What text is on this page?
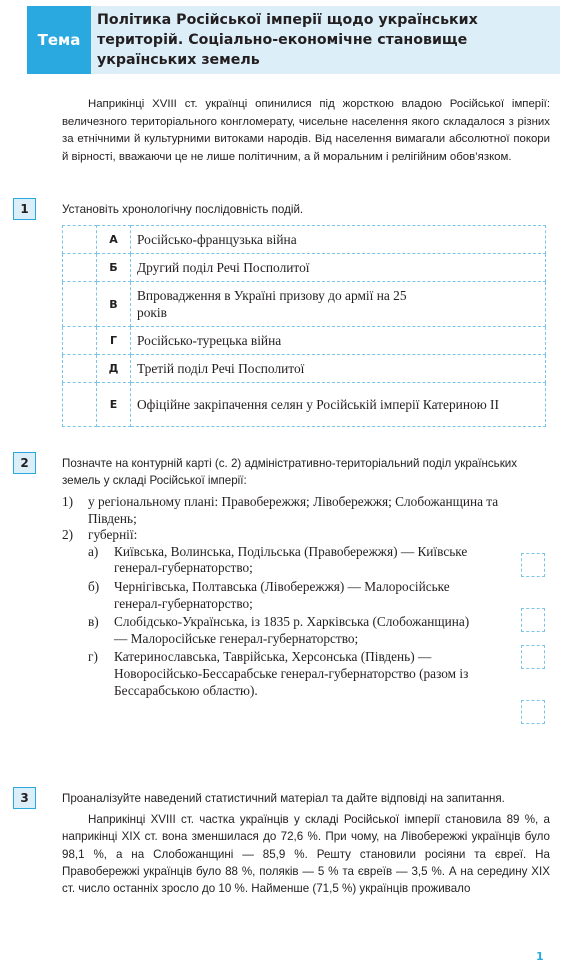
Тема
Політика Російської імперії щодо українських
територій. Соціально-економічне становище
українських земель

Наприкінці XVIII ст. українці опинилися під жорсткою владою Російської імперії: величезного територіального конгломерату, чисельне населення якого складалося з різних за етнічними й культурними витоками народів. Від населення вимагали абсолютної покори й вірності, вважаючи це не лише політичним, а й моральним і релігійним обов’язком.

1	Установіть хронологічну послідовність подій.
	А	Російсько-французька війна
	Б	Другий поділ Речі Посполитої
	В	Впровадження в Україні призову до армії на 25 років
	Г	Російсько-турецька війна
	Д	Третій поділ Речі Посполитої
	Е	Офіційне закріпачення селян у Російській імперії Катериною II
2	Позначте на контурній карті (с. 2) адміністративно-територіальний поділ українських земель у складі Російської імперії:
1)	у регіональному плані: Правобережжя; Лівобережжя; Слобожанщина та Південь;
2)	губернії:
а)	Київська, Волинська, Подільська (Правобережжя) — Київське генерал-губернаторство;
б)	Чернігівська, Полтавська (Лівобережжя) — Малоросійське генерал-губернаторство;
в)	Слобідсько-Українська, із 1835 р. Харківська (Слобожанщина) — Малоросійське генерал-губернаторство;
г)	Катеринославська, Таврійська, Херсонська (Південь) — Новоросійсько-Бессарабське генерал-губернаторство (разом із Бессарабською областю).
3	Проаналізуйте наведений статистичний матеріал та дайте відповіді на запитання.
Наприкінці XVIII ст. частка українців у складі Російської імперії становила 89 %, а наприкінці XIX ст. вона зменшилася до 72,6 %. При чому, на Лівобережжі українців було 98,1 %, а на Слобожанщині — 85,9 %. Решту становили росіяни та євреї. На Правобережжі українців було 88 %, поляків — 5 % та євреїв — 3,5 %. А на середину XIX ст. число останніх зросло до 10 %. Найменше (71,5 %) українців проживало
1
